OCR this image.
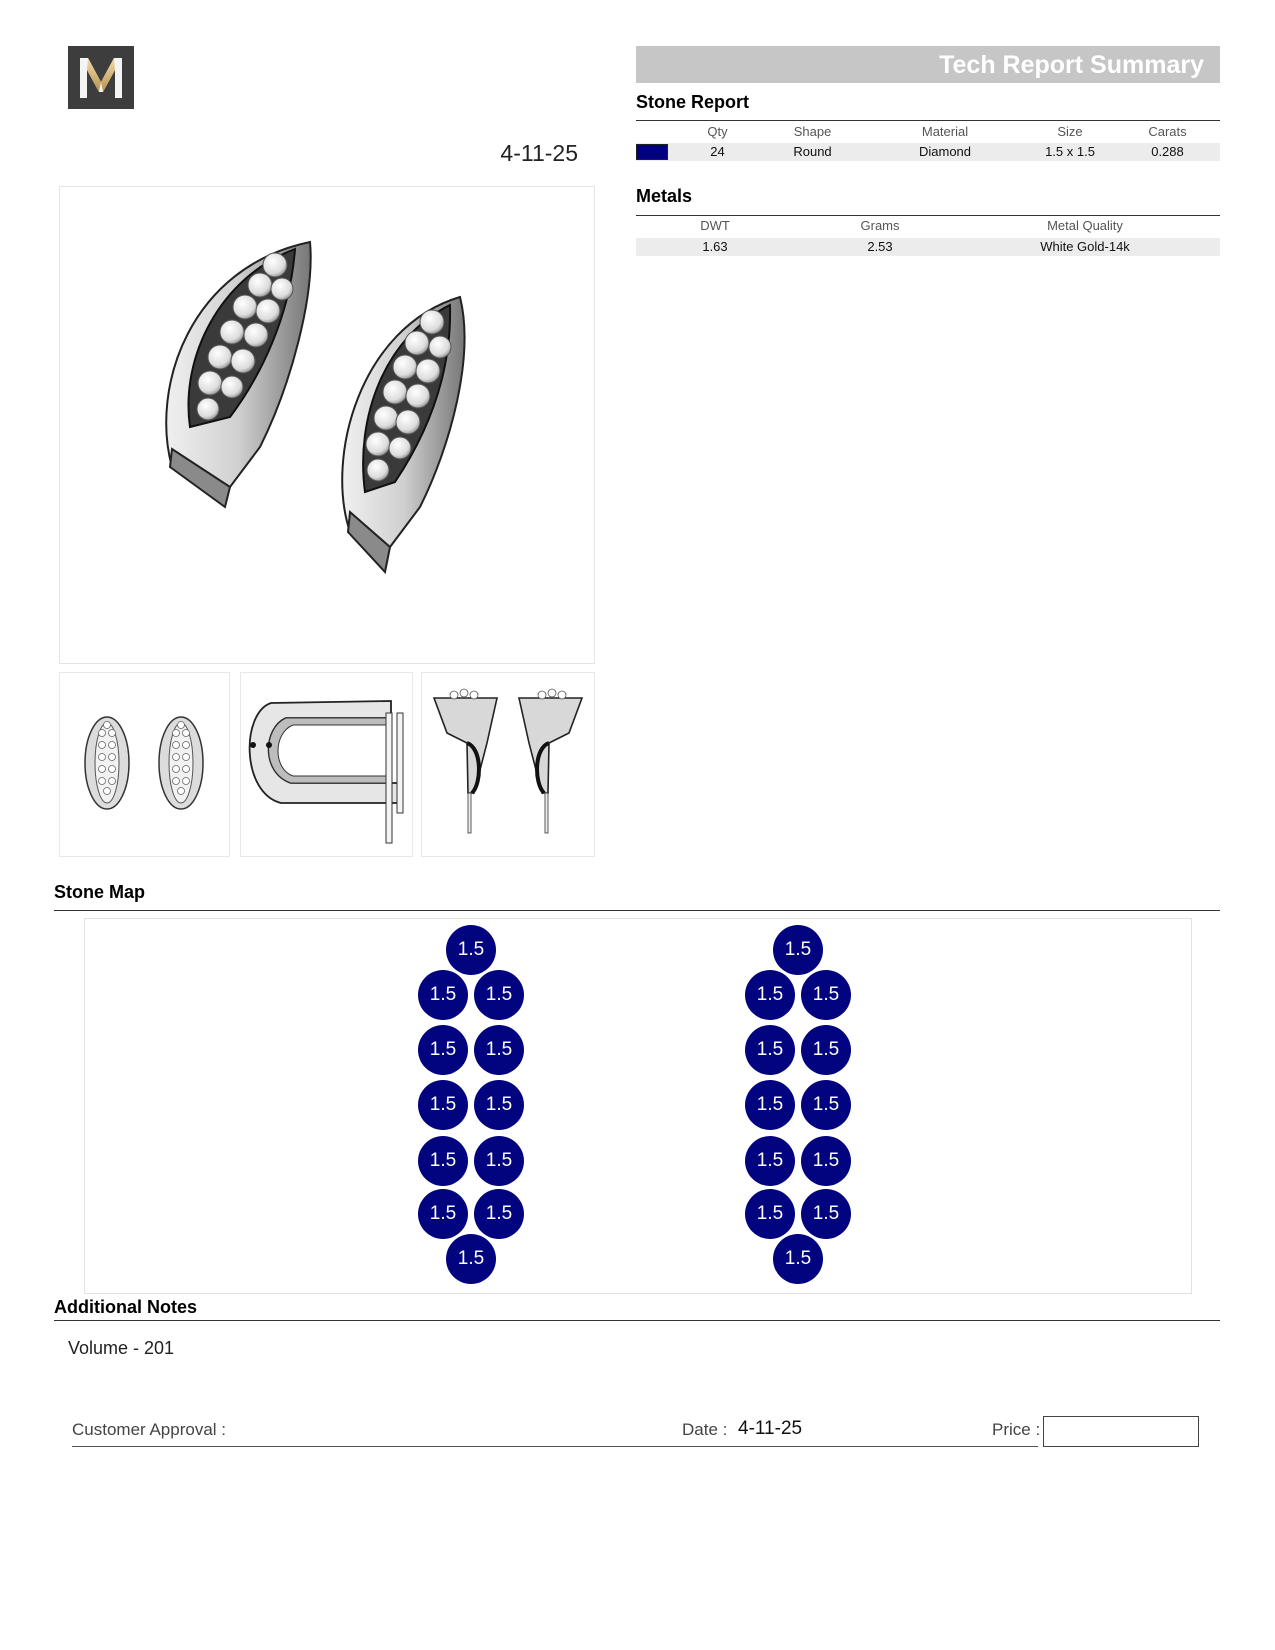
4-11-25
Tech Report Summary
Stone Report
Qty	Shape	Material	Size	Carats
24	Round	Diamond	1.5 x 1.5	0.288
Metals
DWT	Grams	Metal Quality
1.63	2.53	White Gold-14k
Stone Map
1.5
1.5	1.5
1.5	1.5
1.5	1.5
1.5	1.5
1.5	1.5
1.5
1.5
1.5	1.5
1.5	1.5
1.5	1.5
1.5	1.5
1.5	1.5
1.5
Additional Notes
Volume - 201
Customer Approval :	Date : 4-11-25	Price :
